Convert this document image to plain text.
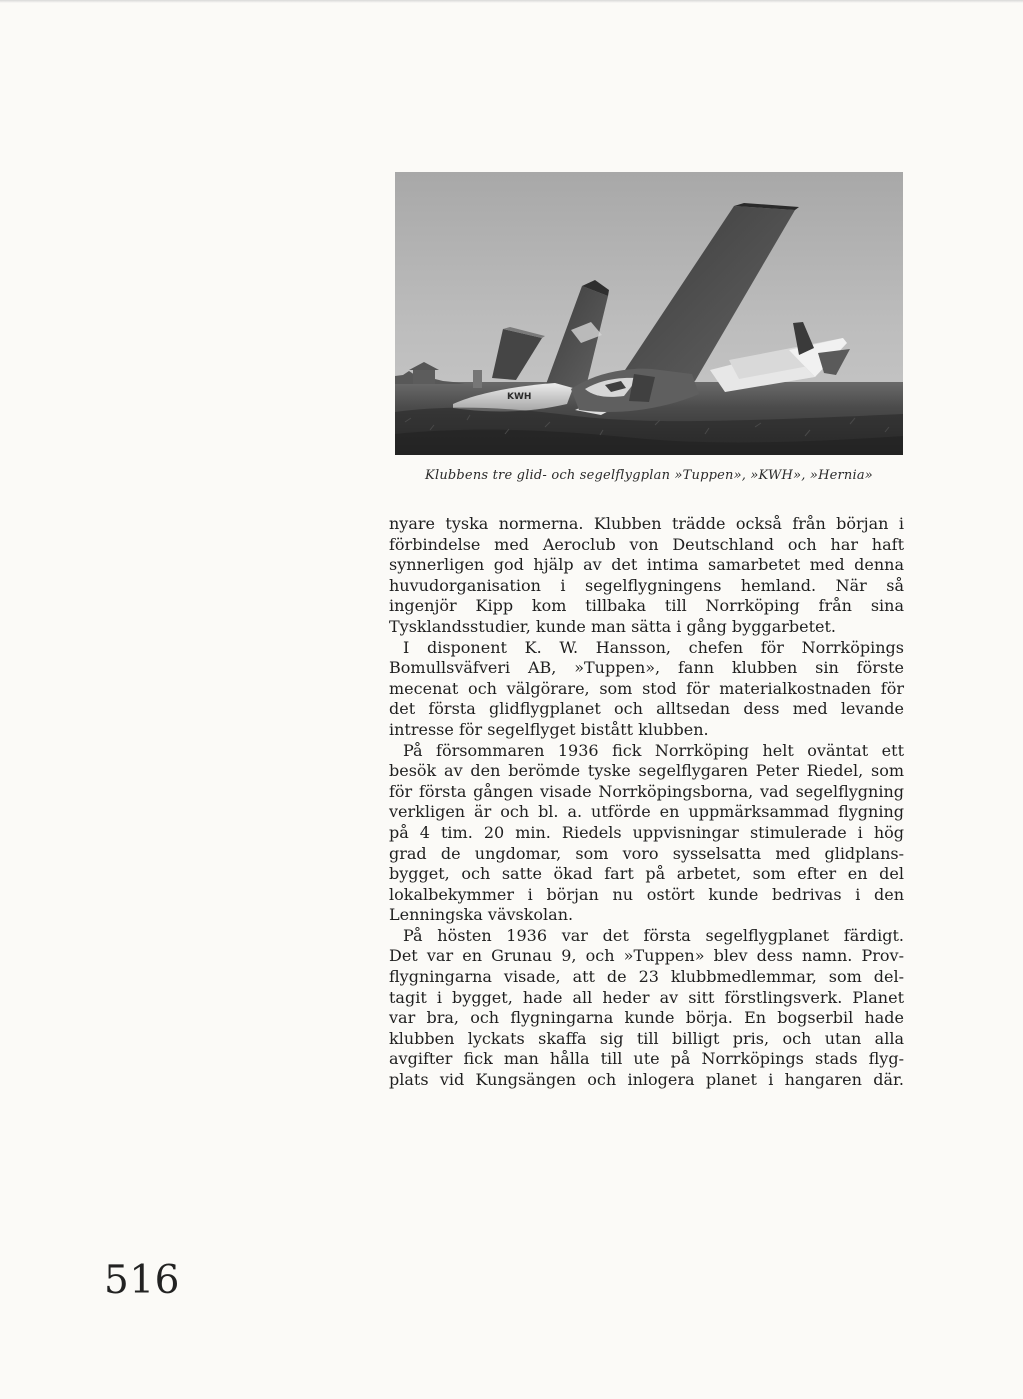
KWH
Klubbens tre glid- och segelflygplan »Tuppen», »KWH», »Hernia»
nyare tyska normerna. Klubben trädde också från början i
förbindelse med Aeroclub von Deutschland och har haft
synnerligen god hjälp av det intima samarbetet med denna
huvudorganisation i segelflygningens hemland. När så
ingenjör Kipp kom tillbaka till Norrköping från sina
Tysklandsstudier, kunde man sätta i gång byggarbetet.
I disponent K. W. Hansson, chefen för Norrköpings
Bomullsväfveri AB, »Tuppen», fann klubben sin förste
mecenat och välgörare, som stod för materialkostnaden för
det första glidflygplanet och alltsedan dess med levande
intresse för segelflyget bistått klubben.
På försommaren 1936 fick Norrköping helt oväntat ett
besök av den berömde tyske segelflygaren Peter Riedel, som
för första gången visade Norrköpingsborna, vad segelflygning
verkligen är och bl. a. utförde en uppmärksammad flygning
på 4 tim. 20 min. Riedels uppvisningar stimulerade i hög
grad de ungdomar, som voro sysselsatta med glidplans-
bygget, och satte ökad fart på arbetet, som efter en del
lokalbekymmer i början nu ostört kunde bedrivas i den
Lenningska vävskolan.
På hösten 1936 var det första segelflygplanet färdigt.
Det var en Grunau 9, och »Tuppen» blev dess namn. Prov-
flygningarna visade, att de 23 klubbmedlemmar, som del-
tagit i bygget, hade all heder av sitt förstlingsverk. Planet
var bra, och flygningarna kunde börja. En bogserbil hade
klubben lyckats skaffa sig till billigt pris, och utan alla
avgifter fick man hålla till ute på Norrköpings stads flyg-
plats vid Kungsängen och inlogera planet i hangaren där.
516
